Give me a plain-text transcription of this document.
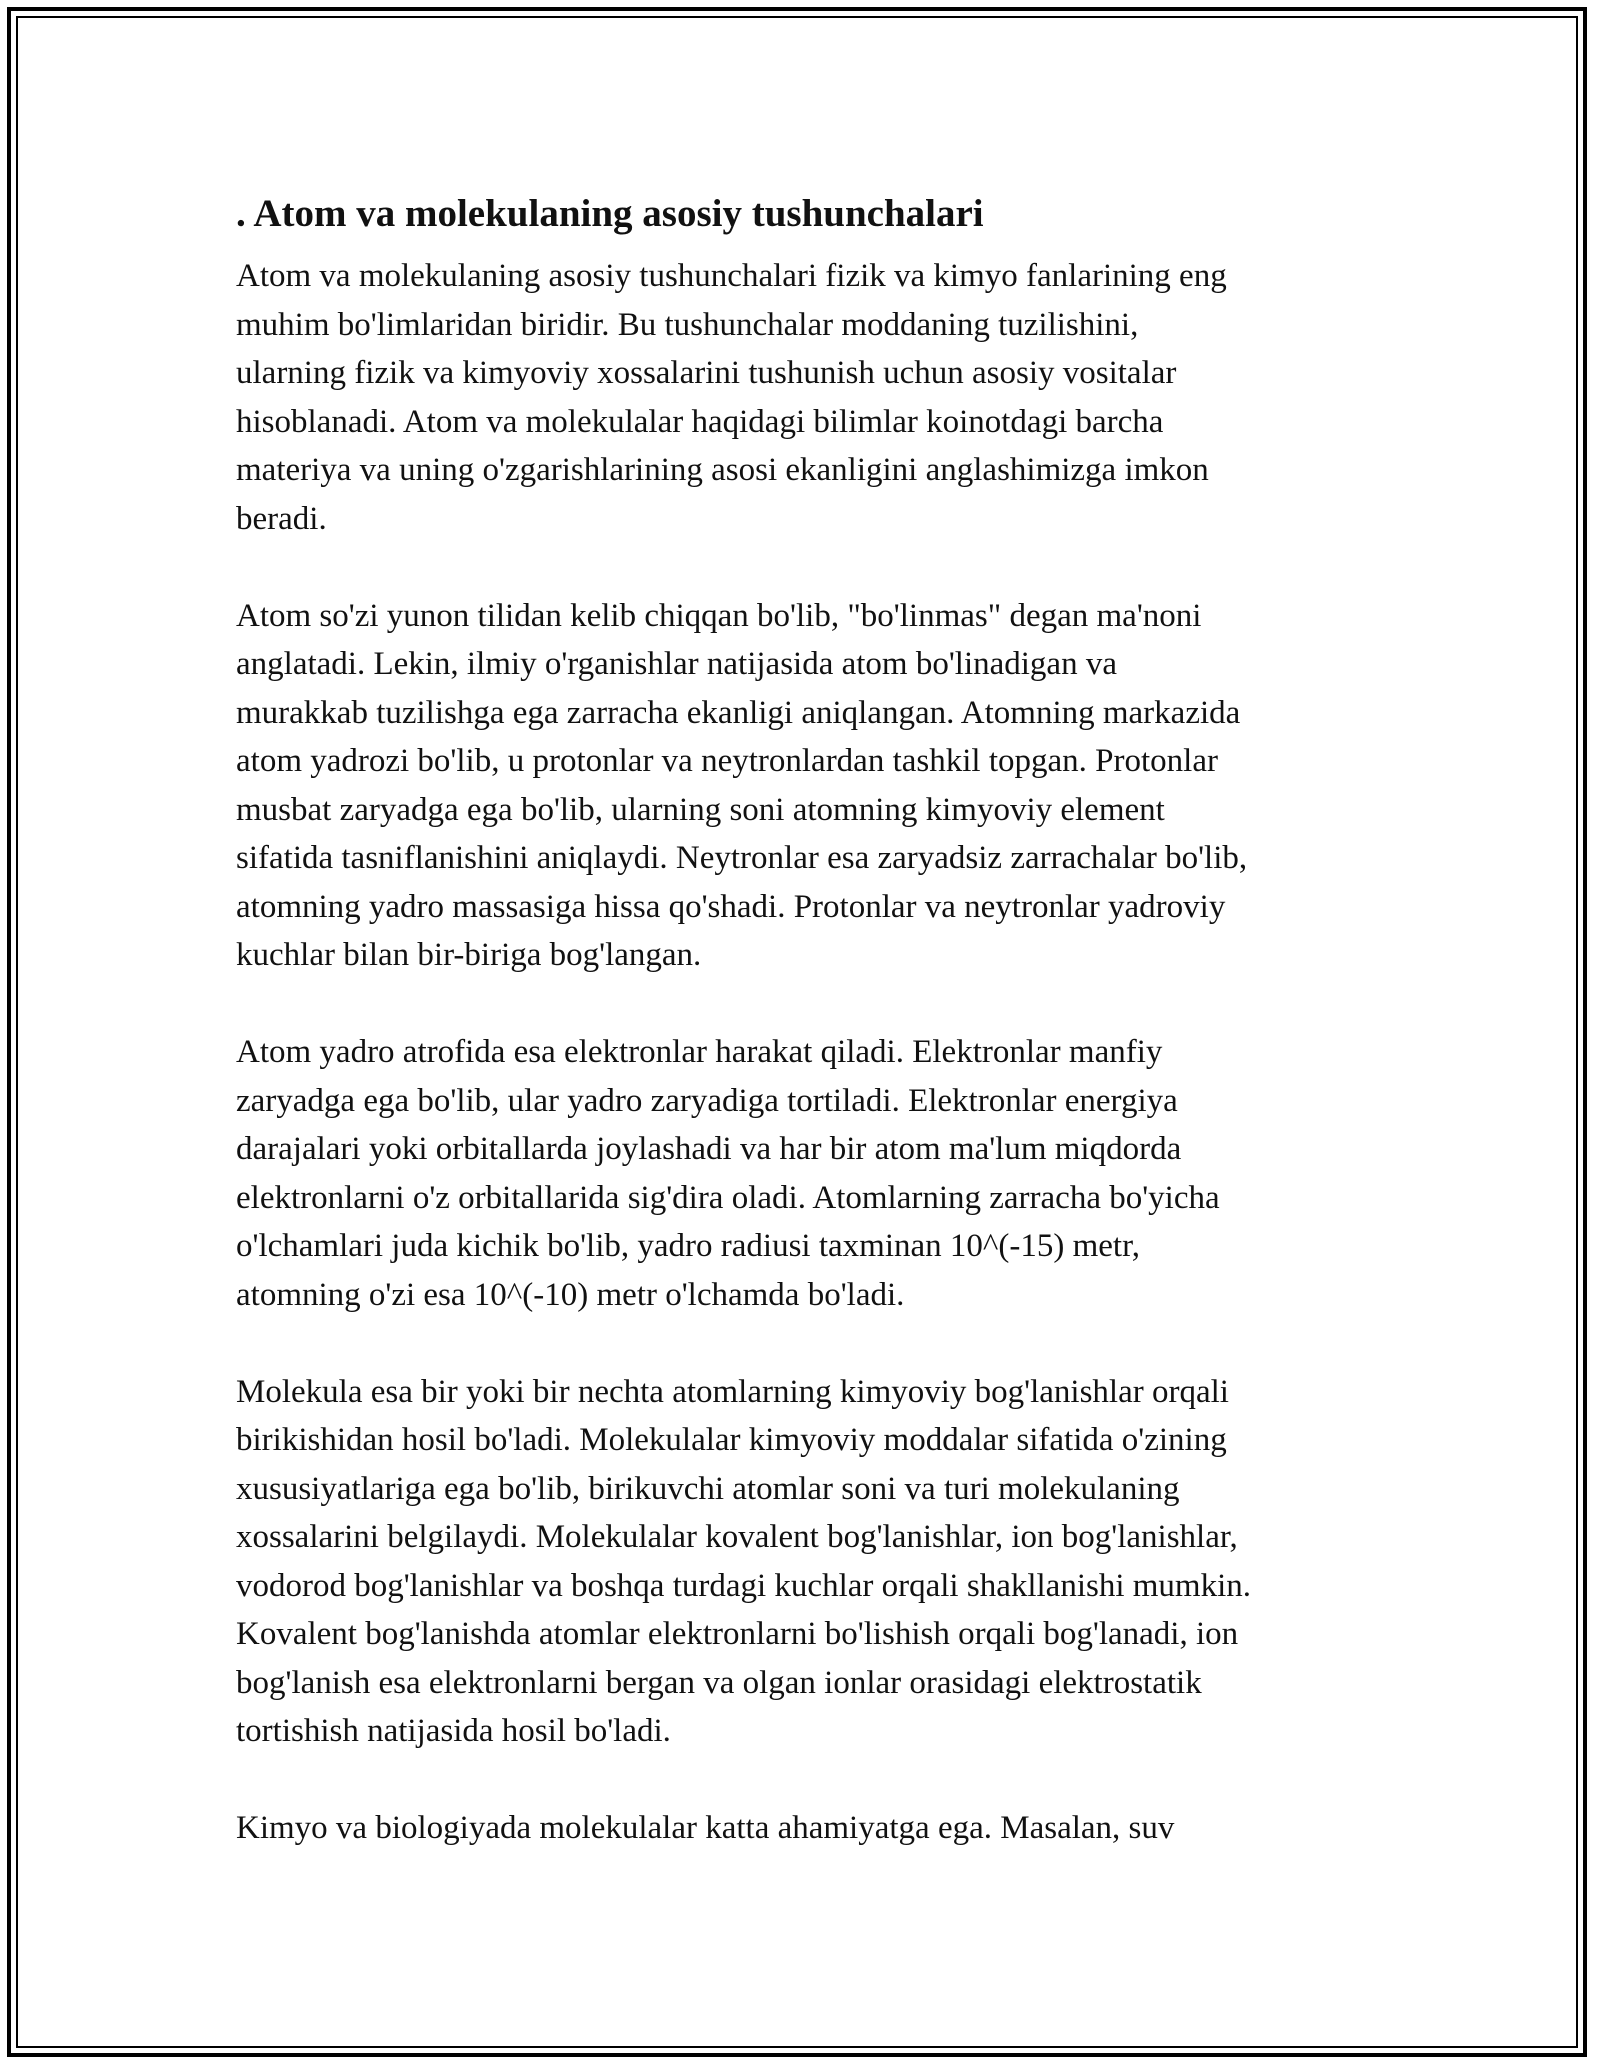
. Atom va molekulaning asosiy tushunchalari
Atom va molekulaning asosiy tushunchalari fizik va kimyo fanlarining eng
muhim bo'limlaridan biridir. Bu tushunchalar moddaning tuzilishini,
ularning fizik va kimyoviy xossalarini tushunish uchun asosiy vositalar
hisoblanadi. Atom va molekulalar haqidagi bilimlar koinotdagi barcha
materiya va uning o'zgarishlarining asosi ekanligini anglashimizga imkon
beradi.
Atom so'zi yunon tilidan kelib chiqqan bo'lib, "bo'linmas" degan ma'noni
anglatadi. Lekin, ilmiy o'rganishlar natijasida atom bo'linadigan va
murakkab tuzilishga ega zarracha ekanligi aniqlangan. Atomning markazida
atom yadrozi bo'lib, u protonlar va neytronlardan tashkil topgan. Protonlar
musbat zaryadga ega bo'lib, ularning soni atomning kimyoviy element
sifatida tasniflanishini aniqlaydi. Neytronlar esa zaryadsiz zarrachalar bo'lib,
atomning yadro massasiga hissa qo'shadi. Protonlar va neytronlar yadroviy
kuchlar bilan bir-biriga bog'langan.
Atom yadro atrofida esa elektronlar harakat qiladi. Elektronlar manfiy
zaryadga ega bo'lib, ular yadro zaryadiga tortiladi. Elektronlar energiya
darajalari yoki orbitallarda joylashadi va har bir atom ma'lum miqdorda
elektronlarni o'z orbitallarida sig'dira oladi. Atomlarning zarracha bo'yicha
o'lchamlari juda kichik bo'lib, yadro radiusi taxminan 10^(-15) metr,
atomning o'zi esa 10^(-10) metr o'lchamda bo'ladi.
Molekula esa bir yoki bir nechta atomlarning kimyoviy bog'lanishlar orqali
birikishidan hosil bo'ladi. Molekulalar kimyoviy moddalar sifatida o'zining
xususiyatlariga ega bo'lib, birikuvchi atomlar soni va turi molekulaning
xossalarini belgilaydi. Molekulalar kovalent bog'lanishlar, ion bog'lanishlar,
vodorod bog'lanishlar va boshqa turdagi kuchlar orqali shakllanishi mumkin.
Kovalent bog'lanishda atomlar elektronlarni bo'lishish orqali bog'lanadi, ion
bog'lanish esa elektronlarni bergan va olgan ionlar orasidagi elektrostatik
tortishish natijasida hosil bo'ladi.
Kimyo va biologiyada molekulalar katta ahamiyatga ega. Masalan, suv
